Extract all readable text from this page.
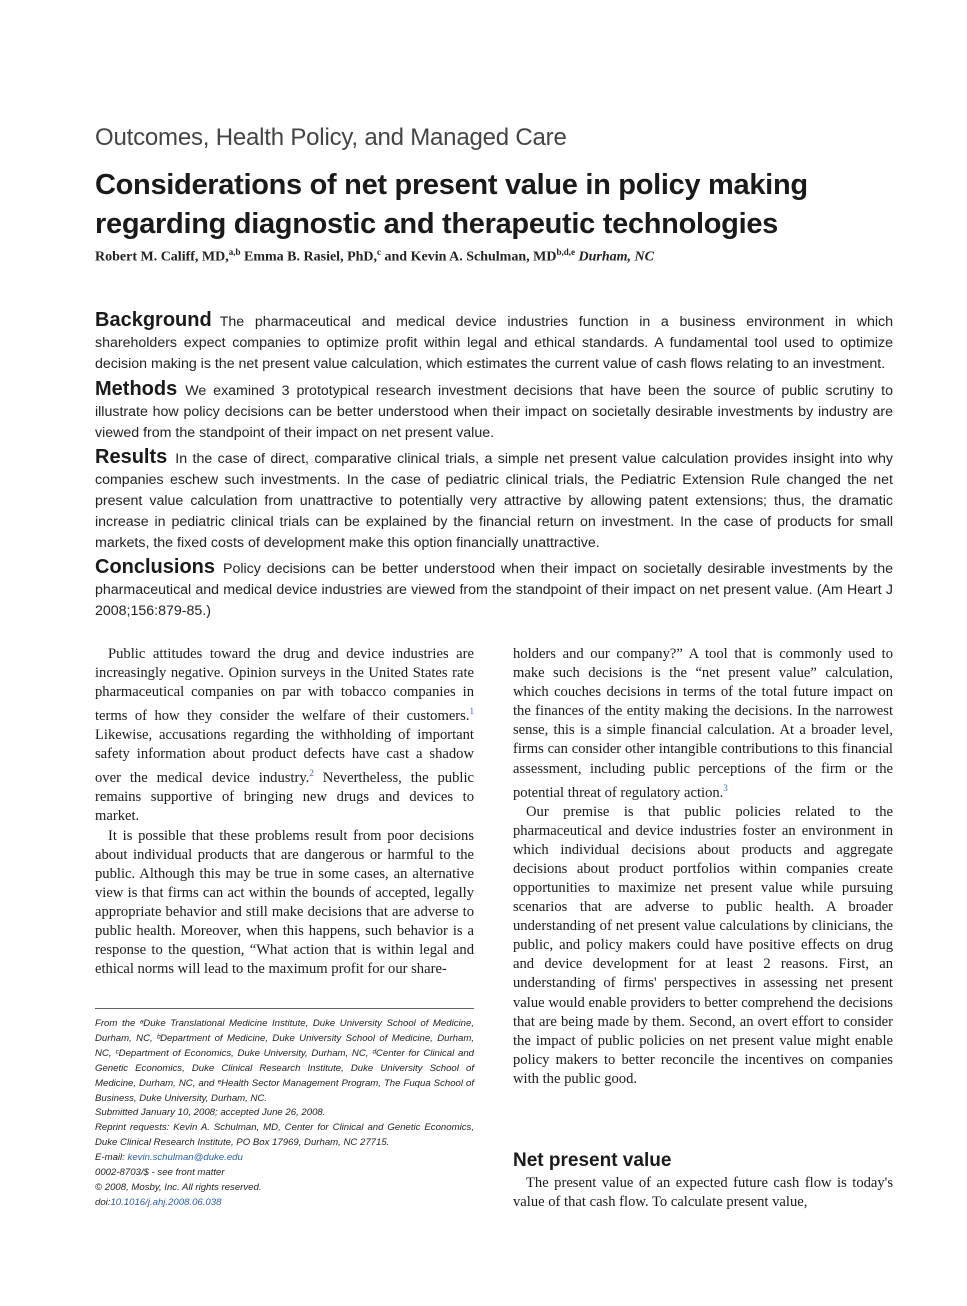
Outcomes, Health Policy, and Managed Care
Considerations of net present value in policy making regarding diagnostic and therapeutic technologies
Robert M. Califf, MD,$^{a,b}$ Emma B. Rasiel, PhD,$^c$ and Kevin A. Schulman, MD$^{b,d,e}$ Durham, NC
Background The pharmaceutical and medical device industries function in a business environment in which shareholders expect companies to optimize profit within legal and ethical standards. A fundamental tool used to optimize decision making is the net present value calculation, which estimates the current value of cash flows relating to an investment.
Methods We examined 3 prototypical research investment decisions that have been the source of public scrutiny to illustrate how policy decisions can be better understood when their impact on societally desirable investments by industry are viewed from the standpoint of their impact on net present value.
Results In the case of direct, comparative clinical trials, a simple net present value calculation provides insight into why companies eschew such investments. In the case of pediatric clinical trials, the Pediatric Extension Rule changed the net present value calculation from unattractive to potentially very attractive by allowing patent extensions; thus, the dramatic increase in pediatric clinical trials can be explained by the financial return on investment. In the case of products for small markets, the fixed costs of development make this option financially unattractive.
Conclusions Policy decisions can be better understood when their impact on societally desirable investments by the pharmaceutical and medical device industries are viewed from the standpoint of their impact on net present value. (Am Heart J 2008;156:879-85.)

Public attitudes toward the drug and device industries are increasingly negative. Opinion surveys in the United States rate pharmaceutical companies on par with tobacco companies in terms of how they consider the welfare of their customers.$^1$ Likewise, accusations regarding the withholding of important safety information about product defects have cast a shadow over the medical device industry.$^2$ Nevertheless, the public remains supportive of bringing new drugs and devices to market.

It is possible that these problems result from poor decisions about individual products that are dangerous or harmful to the public. Although this may be true in some cases, an alternative view is that firms can act within the bounds of accepted, legally appropriate behavior and still make decisions that are adverse to public health. Moreover, when this happens, such behavior is a response to the question, “What action that is within legal and ethical norms will lead to the maximum profit for our share-

From the ᵃDuke Translational Medicine Institute, Duke University School of Medicine, Durham, NC, ᵇDepartment of Medicine, Duke University School of Medicine, Durham, NC, ᶜDepartment of Economics, Duke University, Durham, NC, ᵈCenter for Clinical and Genetic Economics, Duke Clinical Research Institute, Duke University School of Medicine, Durham, NC, and ᵉHealth Sector Management Program, The Fuqua School of Business, Duke University, Durham, NC.
Submitted January 10, 2008; accepted June 26, 2008.
Reprint requests: Kevin A. Schulman, MD, Center for Clinical and Genetic Economics, Duke Clinical Research Institute, PO Box 17969, Durham, NC 27715.
E-mail: kevin.schulman@duke.edu
0002-8703/$ - see front matter
© 2008, Mosby, Inc. All rights reserved.
doi:10.1016/j.ahj.2008.06.038

holders and our company?” A tool that is commonly used to make such decisions is the “net present value” calculation, which couches decisions in terms of the total future impact on the finances of the entity making the decisions. In the narrowest sense, this is a simple financial calculation. At a broader level, firms can consider other intangible contributions to this financial assessment, including public perceptions of the firm or the potential threat of regulatory action.$^3$

Our premise is that public policies related to the pharmaceutical and device industries foster an environment in which individual decisions about products and aggregate decisions about product portfolios within companies create opportunities to maximize net present value while pursuing scenarios that are adverse to public health. A broader understanding of net present value calculations by clinicians, the public, and policy makers could have positive effects on drug and device development for at least 2 reasons. First, an understanding of firms' perspectives in assessing net present value would enable providers to better comprehend the decisions that are being made by them. Second, an overt effort to consider the impact of public policies on net present value might enable policy makers to better reconcile the incentives on companies with the public good.

Net present value

The present value of an expected future cash flow is today's value of that cash flow. To calculate present value,
